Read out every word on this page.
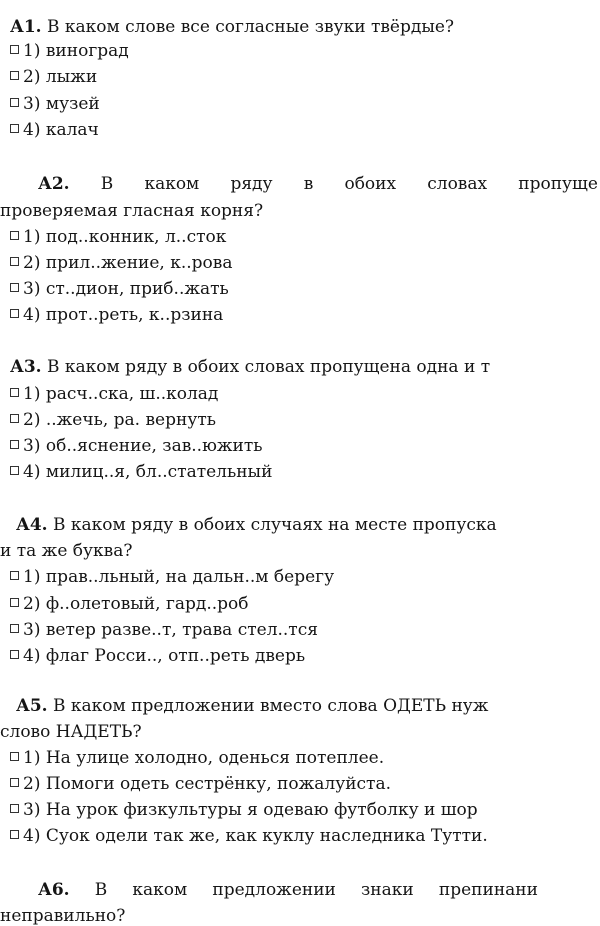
А1. В каком слове все согласные звуки твёрдые?
1) виноград
2) лыжи
3) музей
4) калач
А2. В каком ряду в обоих словах пропуще
проверяемая гласная корня?
1) под..конник, л..сток
2) прил..жение, к..рова
3) ст..дион, приб..жать
4) прот..реть, к..рзина
А3. В каком ряду в обоих словах пропущена одна и т
1) расч..ска, ш..колад
2) ..жечь, ра. вернуть
3) об..яснение, зав..южить
4) милиц..я, бл..стательный
А4. В каком ряду в обоих случаях на месте пропуска
и та же буква?
1) прав..льный, на дальн..м берегу
2) ф..олетовый, гард..роб
3) ветер разве..т, трава стел..тся
4) флаг Росси.., отп..реть дверь
А5. В каком предложении вместо слова ОДЕТЬ нуж
слово НАДЕТЬ?
1) На улице холодно, оденься потеплее.
2) Помоги одеть сестрёнку, пожалуйста.
3) На урок физкультуры я одеваю футболку и шор
4) Суок одели так же, как куклу наследника Тутти.
А6. В каком предложении знаки препинани
неправильно?
